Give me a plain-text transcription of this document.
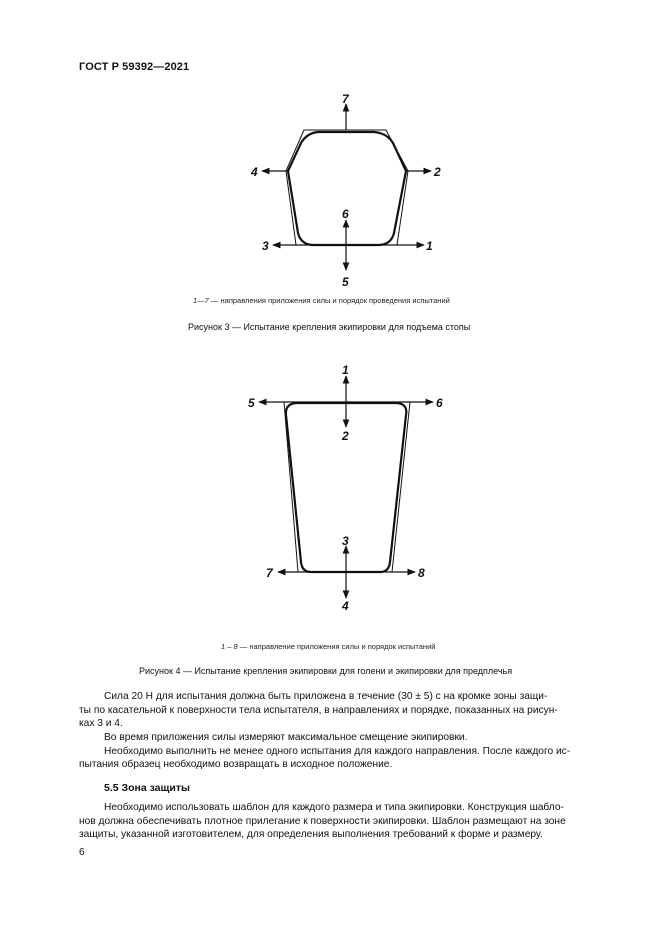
ГОСТ Р 59392—2021
7
2
4
6
3	1
5
1—7 — направления приложения силы и порядок проведения испытаний
Рисунок 3 — Испытание крепления экипировки для подъема стопы
1
5	6
2
3
7	8
4
1 – 8 — направление приложения силы и порядок испытаний
Рисунок 4 — Испытание крепления экипировки для голени и экипировки для предплечья
Сила 20 Н для испытания должна быть приложена в течение (30 ± 5) с на кромке зоны защи-
ты по касательной к поверхности тела испытателя, в направлениях и порядке, показанных на рисун-
ках 3 и 4.
Во время приложения силы измеряют максимальное смещение экипировки.
Необходимо выполнить не менее одного испытания для каждого направления. После каждого ис-
пытания образец необходимо возвращать в исходное положение.
5.5 Зона защиты
Необходимо использовать шаблон для каждого размера и типа экипировки. Конструкция шабло-
нов должна обеспечивать плотное прилегание к поверхности экипировки. Шаблон размещают на зоне
защиты, указанной изготовителем, для определения выполнения требований к форме и размеру.
6
